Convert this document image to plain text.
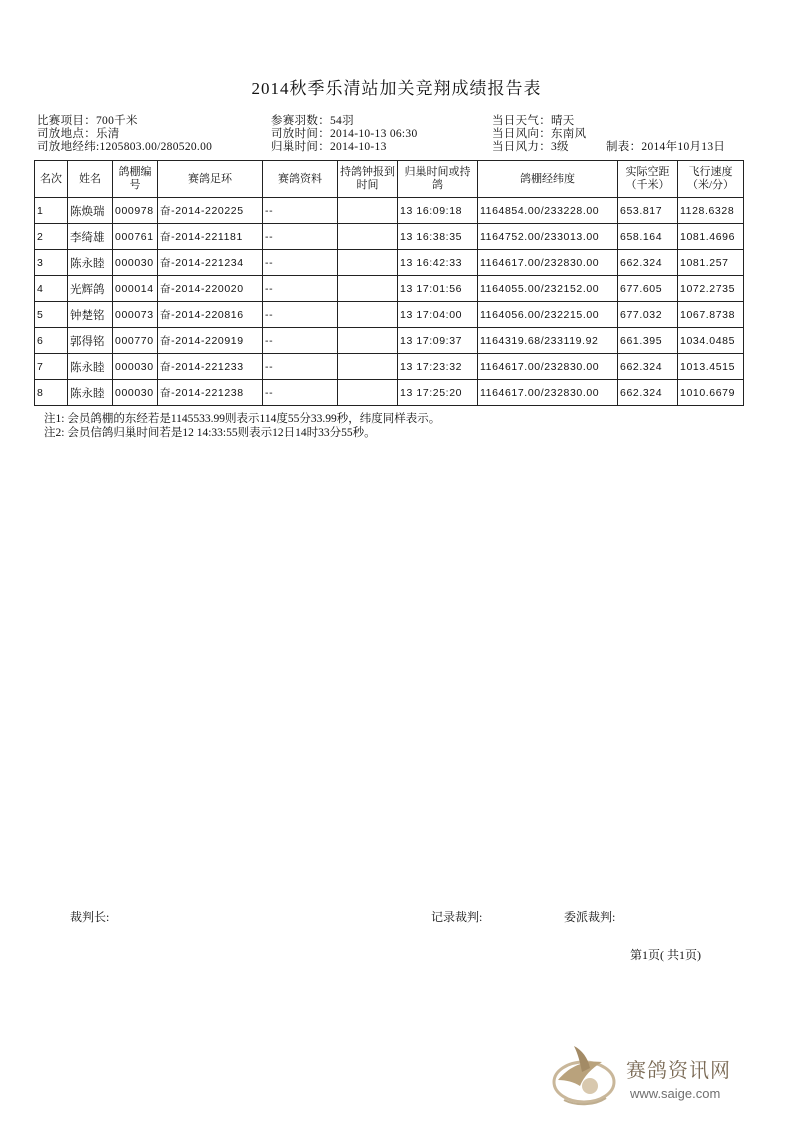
2014秋季乐清站加关竞翔成绩报告表
比赛项目：700千米	参赛羽数：54羽	当日天气：晴天
司放地点：乐清	司放时间：2014-10-13 06:30	当日风向：东南风
司放地经纬:1205803.00/280520.00	归巢时间：2014-10-13	当日风力：3级	制表：2014年10月13日
名次	姓名	鸽棚编号	赛鸽足环	赛鸽资料	持鸽钟报到时间	归巢时间或持鸽	鸽棚经纬度	实际空距（千米）	飞行速度（米/分）
1	陈焕瑞	000978	奋-2014-220225	--		13 16:09:18	1164854.00/233228.00	653.817	1128.6328
2	李绮雄	000761	奋-2014-221181	--		13 16:38:35	1164752.00/233013.00	658.164	1081.4696
3	陈永睦	000030	奋-2014-221234	--		13 16:42:33	1164617.00/232830.00	662.324	1081.257
4	光辉鸽	000014	奋-2014-220020	--		13 17:01:56	1164055.00/232152.00	677.605	1072.2735
5	钟楚铭	000073	奋-2014-220816	--		13 17:04:00	1164056.00/232215.00	677.032	1067.8738
6	郭得铭	000770	奋-2014-220919	--		13 17:09:37	1164319.68/233119.92	661.395	1034.0485
7	陈永睦	000030	奋-2014-221233	--		13 17:23:32	1164617.00/232830.00	662.324	1013.4515
8	陈永睦	000030	奋-2014-221238	--		13 17:25:20	1164617.00/232830.00	662.324	1010.6679
注1: 会员鸽棚的东经若是1145533.99则表示114度55分33.99秒，纬度同样表示。
注2: 会员信鸽归巢时间若是12 14:33:55则表示12日14时33分55秒。
裁判长:	记录裁判:	委派裁判:
第1页( 共1页)
赛鸽资讯网
www.saige.com
